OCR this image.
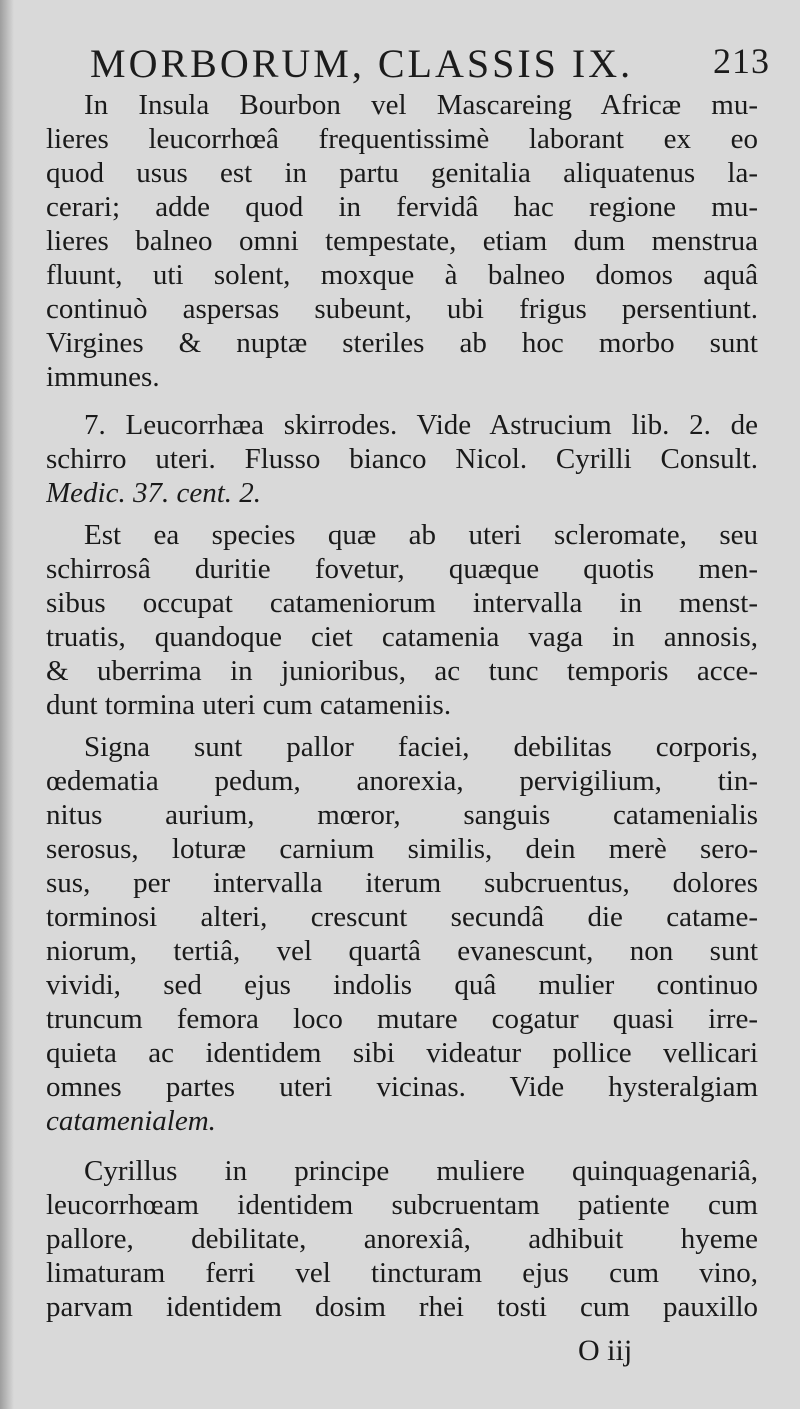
MORBORUM, CLASSIS IX. 213
In Insula Bourbon vel Mascareing Africæ mu-
lieres leucorrhœâ frequentissimè laborant ex eo
quod usus est in partu genitalia aliquatenus la-
cerari; adde quod in fervidâ hac regione mu-
lieres balneo omni tempestate, etiam dum menstrua
fluunt, uti solent, moxque à balneo domos aquâ
continuò aspersas subeunt, ubi frigus persentiunt.
Virgines & nuptæ steriles ab hoc morbo sunt
immunes.
7. Leucorrhæa skirrodes. Vide Astrucium lib. 2. de
schirro uteri. Flusso bianco Nicol. Cyrilli Consult.
Medic. 37. cent. 2.
Est ea species quæ ab uteri scleromate, seu
schirrosâ duritie fovetur, quæque quotis men-
sibus occupat catameniorum intervalla in menst-
truatis, quandoque ciet catamenia vaga in annosis,
& uberrima in junioribus, ac tunc temporis acce-
dunt tormina uteri cum catameniis.
Signa sunt pallor faciei, debilitas corporis,
œdematia pedum, anorexia, pervigilium, tin-
nitus aurium, mœror, sanguis catamenialis
serosus, loturæ carnium similis, dein merè sero-
sus, per intervalla iterum subcruentus, dolores
torminosi alteri, crescunt secundâ die catame-
niorum, tertiâ, vel quartâ evanescunt, non sunt
vividi, sed ejus indolis quâ mulier continuo
truncum femora loco mutare cogatur quasi irre-
quieta ac identidem sibi videatur pollice vellicari
omnes partes uteri vicinas. Vide hysteralgiam
catamenialem.
Cyrillus in principe muliere quinquagenariâ,
leucorrhœam identidem subcruentam patiente cum
pallore, debilitate, anorexiâ, adhibuit hyeme
limaturam ferri vel tincturam ejus cum vino,
parvam identidem dosim rhei tosti cum pauxillo
O iij
